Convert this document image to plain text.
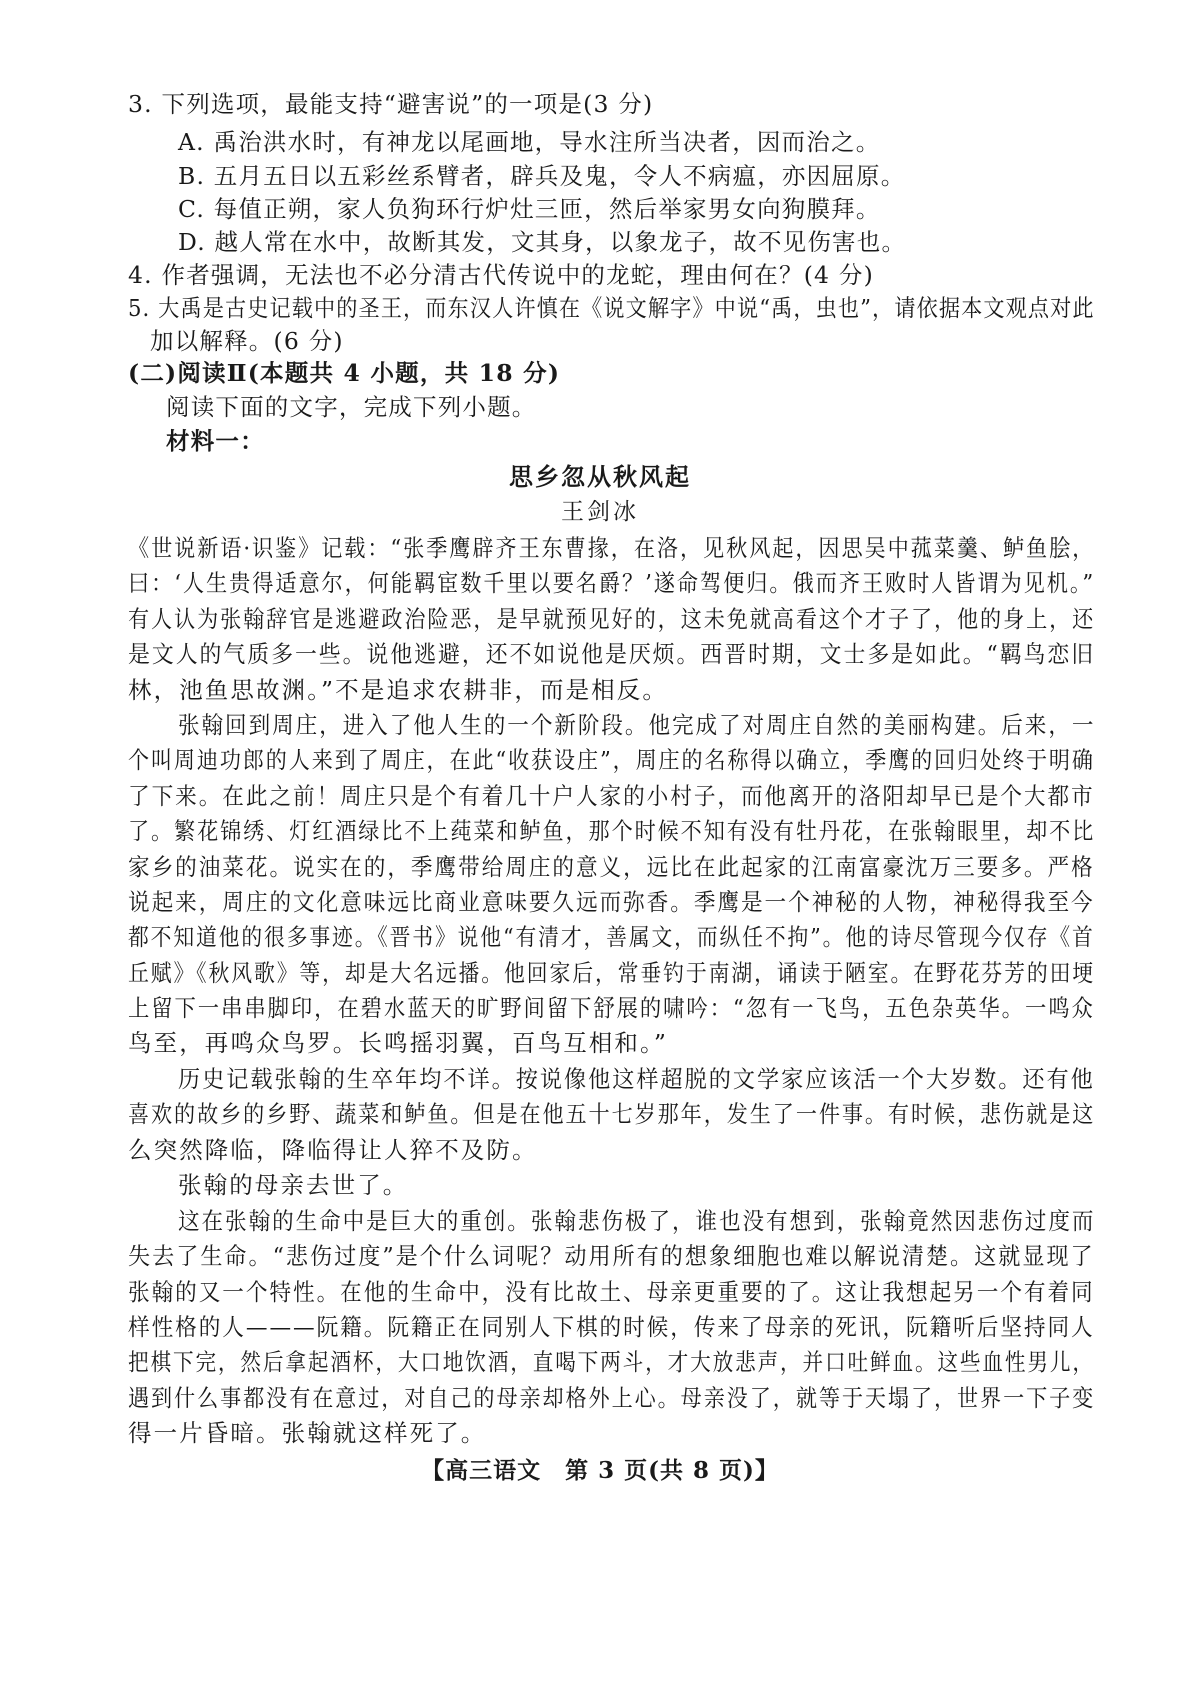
3. 下列选项，最能支持“避害说”的一项是(3 分)
A. 禹治洪水时，有神龙以尾画地，导水注所当决者，因而治之。
B. 五月五日以五彩丝系臂者，辟兵及鬼，令人不病瘟，亦因屈原。
C. 每值正朔，家人负狗环行炉灶三匝，然后举家男女向狗膜拜。
D. 越人常在水中，故断其发，文其身，以象龙子，故不见伤害也。
4. 作者强调，无法也不必分清古代传说中的龙蛇，理由何在？(4 分)
5. 大禹是古史记载中的圣王，而东汉人许慎在《说文解字》中说“禹，虫也”，请依据本文观点对此
加以解释。(6 分)
(二)阅读Ⅱ(本题共 4 小题，共 18 分)
阅读下面的文字，完成下列小题。
材料一：
思乡忽从秋风起
王剑冰
《世说新语·识鉴》记载：“张季鹰辟齐王东曹掾，在洛，见秋风起，因思吴中菰菜羹、鲈鱼脍，
曰：‘人生贵得适意尔，何能羁宦数千里以要名爵？’遂命驾便归。俄而齐王败时人皆谓为见机。”
有人认为张翰辞官是逃避政治险恶，是早就预见好的，这未免就高看这个才子了，他的身上，还
是文人的气质多一些。说他逃避，还不如说他是厌烦。西晋时期，文士多是如此。“羁鸟恋旧
林，池鱼思故渊。”不是追求农耕非，而是相反。
张翰回到周庄，进入了他人生的一个新阶段。他完成了对周庄自然的美丽构建。后来，一
个叫周迪功郎的人来到了周庄，在此“收获设庄”，周庄的名称得以确立，季鹰的回归处终于明确
了下来。在此之前！周庄只是个有着几十户人家的小村子，而他离开的洛阳却早已是个大都市
了。繁花锦绣、灯红酒绿比不上莼菜和鲈鱼，那个时候不知有没有牡丹花，在张翰眼里，却不比
家乡的油菜花。说实在的，季鹰带给周庄的意义，远比在此起家的江南富豪沈万三要多。严格
说起来，周庄的文化意味远比商业意味要久远而弥香。季鹰是一个神秘的人物，神秘得我至今
都不知道他的很多事迹。《晋书》说他“有清才，善属文，而纵任不拘”。他的诗尽管现今仅存《首
丘赋》《秋风歌》等，却是大名远播。他回家后，常垂钓于南湖，诵读于陋室。在野花芬芳的田埂
上留下一串串脚印，在碧水蓝天的旷野间留下舒展的啸吟：“忽有一飞鸟，五色杂英华。一鸣众
鸟至，再鸣众鸟罗。长鸣摇羽翼，百鸟互相和。”
历史记载张翰的生卒年均不详。按说像他这样超脱的文学家应该活一个大岁数。还有他
喜欢的故乡的乡野、蔬菜和鲈鱼。但是在他五十七岁那年，发生了一件事。有时候，悲伤就是这
么突然降临，降临得让人猝不及防。
张翰的母亲去世了。
这在张翰的生命中是巨大的重创。张翰悲伤极了，谁也没有想到，张翰竟然因悲伤过度而
失去了生命。“悲伤过度”是个什么词呢？动用所有的想象细胞也难以解说清楚。这就显现了
张翰的又一个特性。在他的生命中，没有比故土、母亲更重要的了。这让我想起另一个有着同
样性格的人———阮籍。阮籍正在同别人下棋的时候，传来了母亲的死讯，阮籍听后坚持同人
把棋下完，然后拿起酒杯，大口地饮酒，直喝下两斗，才大放悲声，并口吐鲜血。这些血性男儿，
遇到什么事都没有在意过，对自己的母亲却格外上心。母亲没了，就等于天塌了，世界一下子变
得一片昏暗。张翰就这样死了。
【高三语文　第 3 页(共 8 页)】
